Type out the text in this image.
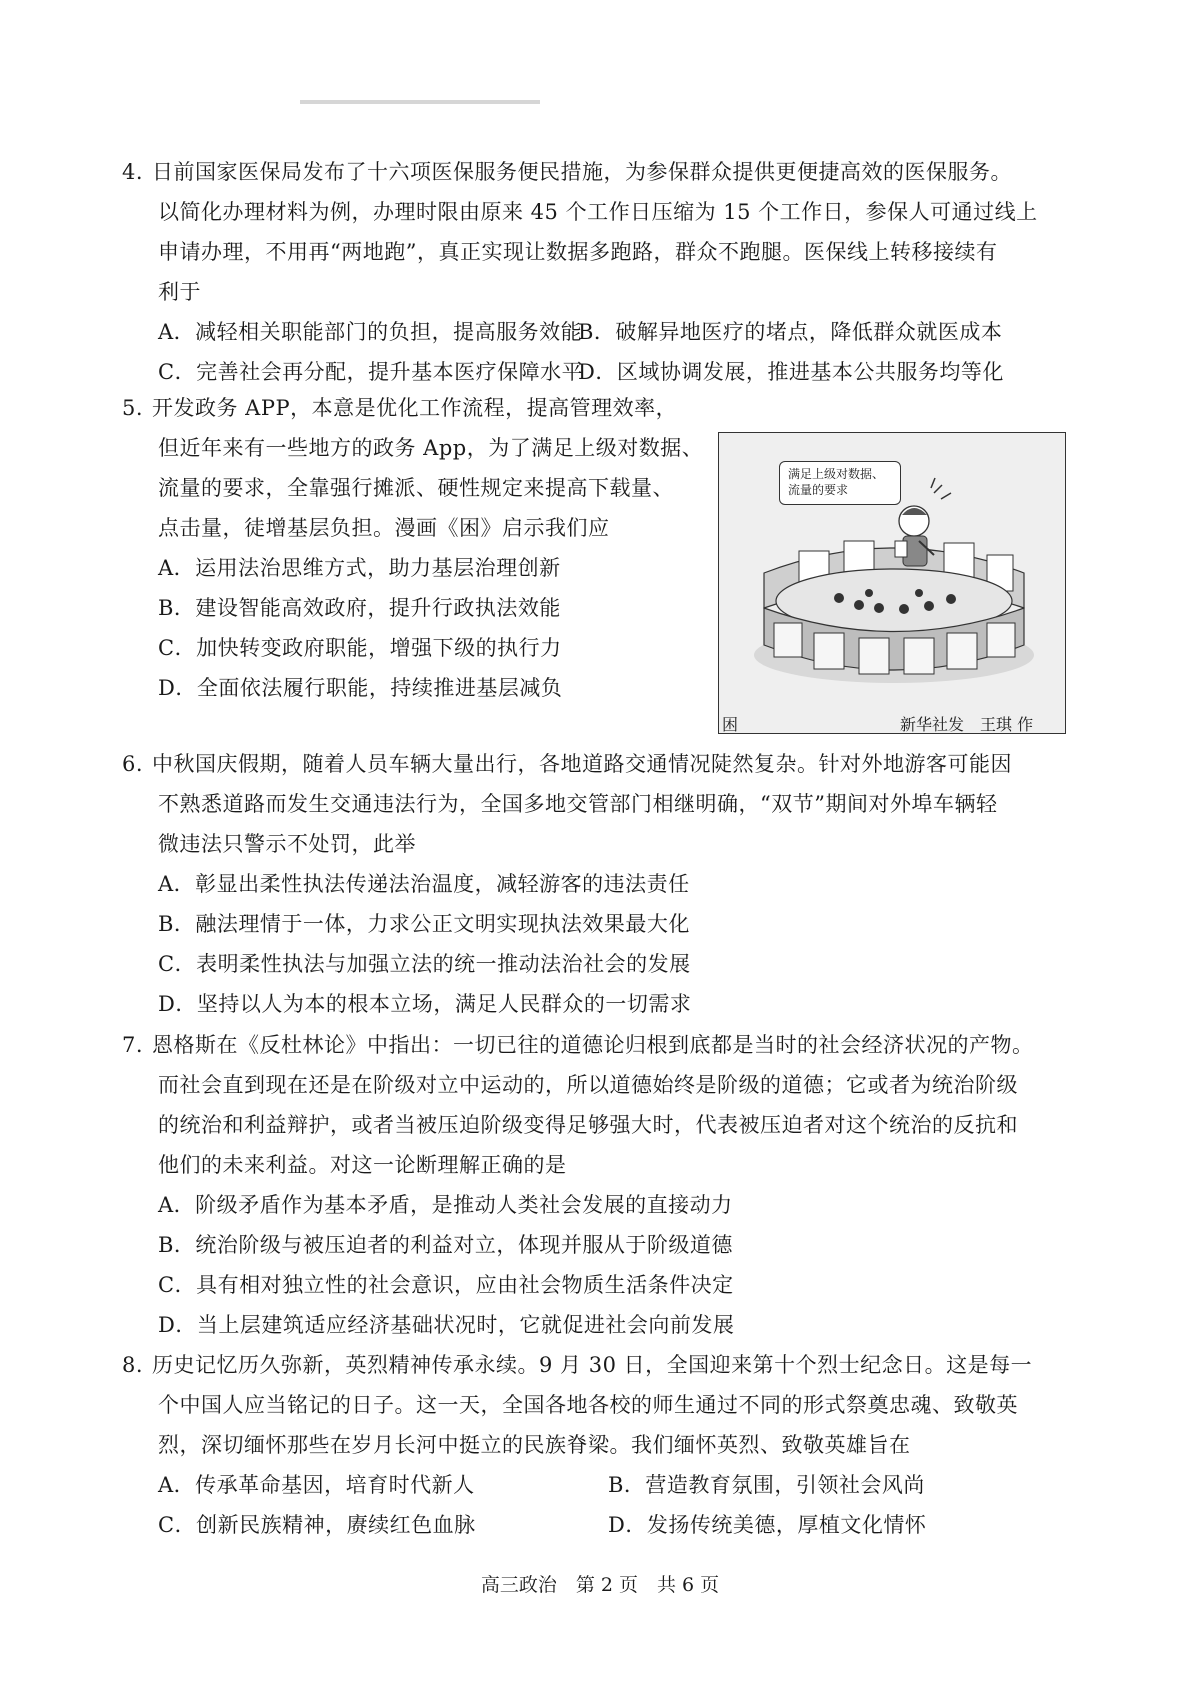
4. 日前国家医保局发布了十六项医保服务便民措施，为参保群众提供更便捷高效的医保服务。
以简化办理材料为例，办理时限由原来 45 个工作日压缩为 15 个工作日，参保人可通过线上
申请办理，不用再“两地跑”，真正实现让数据多跑路，群众不跑腿。医保线上转移接续有
利于
A．减轻相关职能部门的负担，提高服务效能
B．破解异地医疗的堵点，降低群众就医成本
C．完善社会再分配，提升基本医疗保障水平
D．区域协调发展，推进基本公共服务均等化
5. 开发政务 APP，本意是优化工作流程，提高管理效率，
但近年来有一些地方的政务 App，为了满足上级对数据、
流量的要求，全靠强行摊派、硬性规定来提高下载量、
点击量，徒增基层负担。漫画《困》启示我们应
A．运用法治思维方式，助力基层治理创新
B．建设智能高效政府，提升行政执法效能
C．加快转变政府职能，增强下级的执行力
D．全面依法履行职能，持续推进基层减负
满足上级对数据、
流量的要求
困	新华社发　王琪 作
6. 中秋国庆假期，随着人员车辆大量出行，各地道路交通情况陡然复杂。针对外地游客可能因
不熟悉道路而发生交通违法行为，全国多地交管部门相继明确，“双节”期间对外埠车辆轻
微违法只警示不处罚，此举
A．彰显出柔性执法传递法治温度，减轻游客的违法责任
B．融法理情于一体，力求公正文明实现执法效果最大化
C．表明柔性执法与加强立法的统一推动法治社会的发展
D．坚持以人为本的根本立场，满足人民群众的一切需求
7. 恩格斯在《反杜林论》中指出：一切已往的道德论归根到底都是当时的社会经济状况的产物。
而社会直到现在还是在阶级对立中运动的，所以道德始终是阶级的道德；它或者为统治阶级
的统治和利益辩护，或者当被压迫阶级变得足够强大时，代表被压迫者对这个统治的反抗和
他们的未来利益。对这一论断理解正确的是
A．阶级矛盾作为基本矛盾，是推动人类社会发展的直接动力
B．统治阶级与被压迫者的利益对立，体现并服从于阶级道德
C．具有相对独立性的社会意识，应由社会物质生活条件决定
D．当上层建筑适应经济基础状况时，它就促进社会向前发展
8. 历史记忆历久弥新，英烈精神传承永续。9 月 30 日，全国迎来第十个烈士纪念日。这是每一
个中国人应当铭记的日子。这一天，全国各地各校的师生通过不同的形式祭奠忠魂、致敬英
烈，深切缅怀那些在岁月长河中挺立的民族脊梁。我们缅怀英烈、致敬英雄旨在
A．传承革命基因，培育时代新人	B．营造教育氛围，引领社会风尚
C．创新民族精神，赓续红色血脉	D．发扬传统美德，厚植文化情怀
高三政治　第 2 页　共 6 页
